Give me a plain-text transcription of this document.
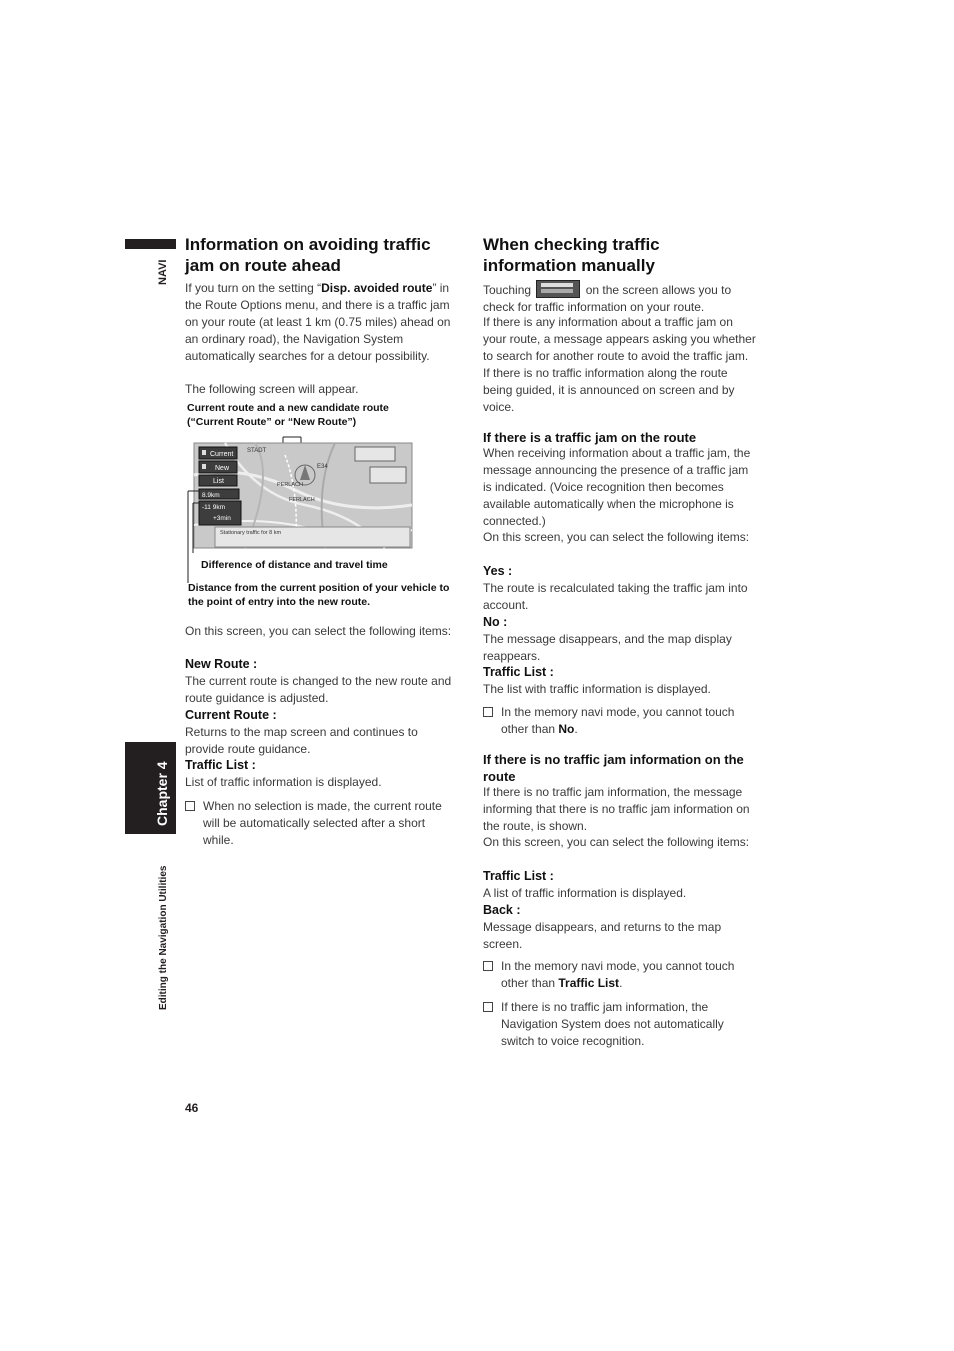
NAVI
Chapter 4
Editing the Navigation Utilities
Information on avoiding traffic jam on route ahead

If you turn on the setting “Disp. avoided route” in the Route Options menu, and there is a traffic jam on your route (at least 1 km (0.75 miles) ahead on an ordinary road), the Navigation System automatically searches for a detour possibility.

The following screen will appear.

Current route and a new candidate route (“Current Route” or “New Route”)

STADT
E34
PERLACH
FERLACH
Current
New
List
8.9km
-11 9km
+3min
Stationary traffic for 8 km

Difference of distance and travel time

Distance from the current position of your vehicle to the point of entry into the new route.

On this screen, you can select the following items:

New Route :

The current route is changed to the new route and route guidance is adjusted.

Current Route :

Returns to the map screen and continues to provide route guidance.

Traffic List :

List of traffic information is displayed.

When no selection is made, the current route will be automatically selected after a short while.

When checking traffic information manually

Touching	on the screen allows you to check for traffic information on your route.

If there is any information about a traffic jam on your route, a message appears asking you whether to search for another route to avoid the traffic jam. If there is no traffic information along the route being guided, it is announced on screen and by voice.

If there is a traffic jam on the route

When receiving information about a traffic jam, the message announcing the presence of a traffic jam is indicated. (Voice recognition then becomes available automatically when the microphone is connected.)

On this screen, you can select the following items:

Yes :

The route is recalculated taking the traffic jam into account.

No :

The message disappears, and the map display reappears.

Traffic List :

The list with traffic information is displayed.

In the memory navi mode, you cannot touch other than No.

If there is no traffic jam information on the route

If there is no traffic jam information, the message informing that there is no traffic jam information on the route, is shown.

On this screen, you can select the following items:

Traffic List :

A list of traffic information is displayed.

Back :

Message disappears, and returns to the map screen.

In the memory navi mode, you cannot touch other than Traffic List.

If there is no traffic jam information, the Navigation System does not automatically switch to voice recognition.

46
